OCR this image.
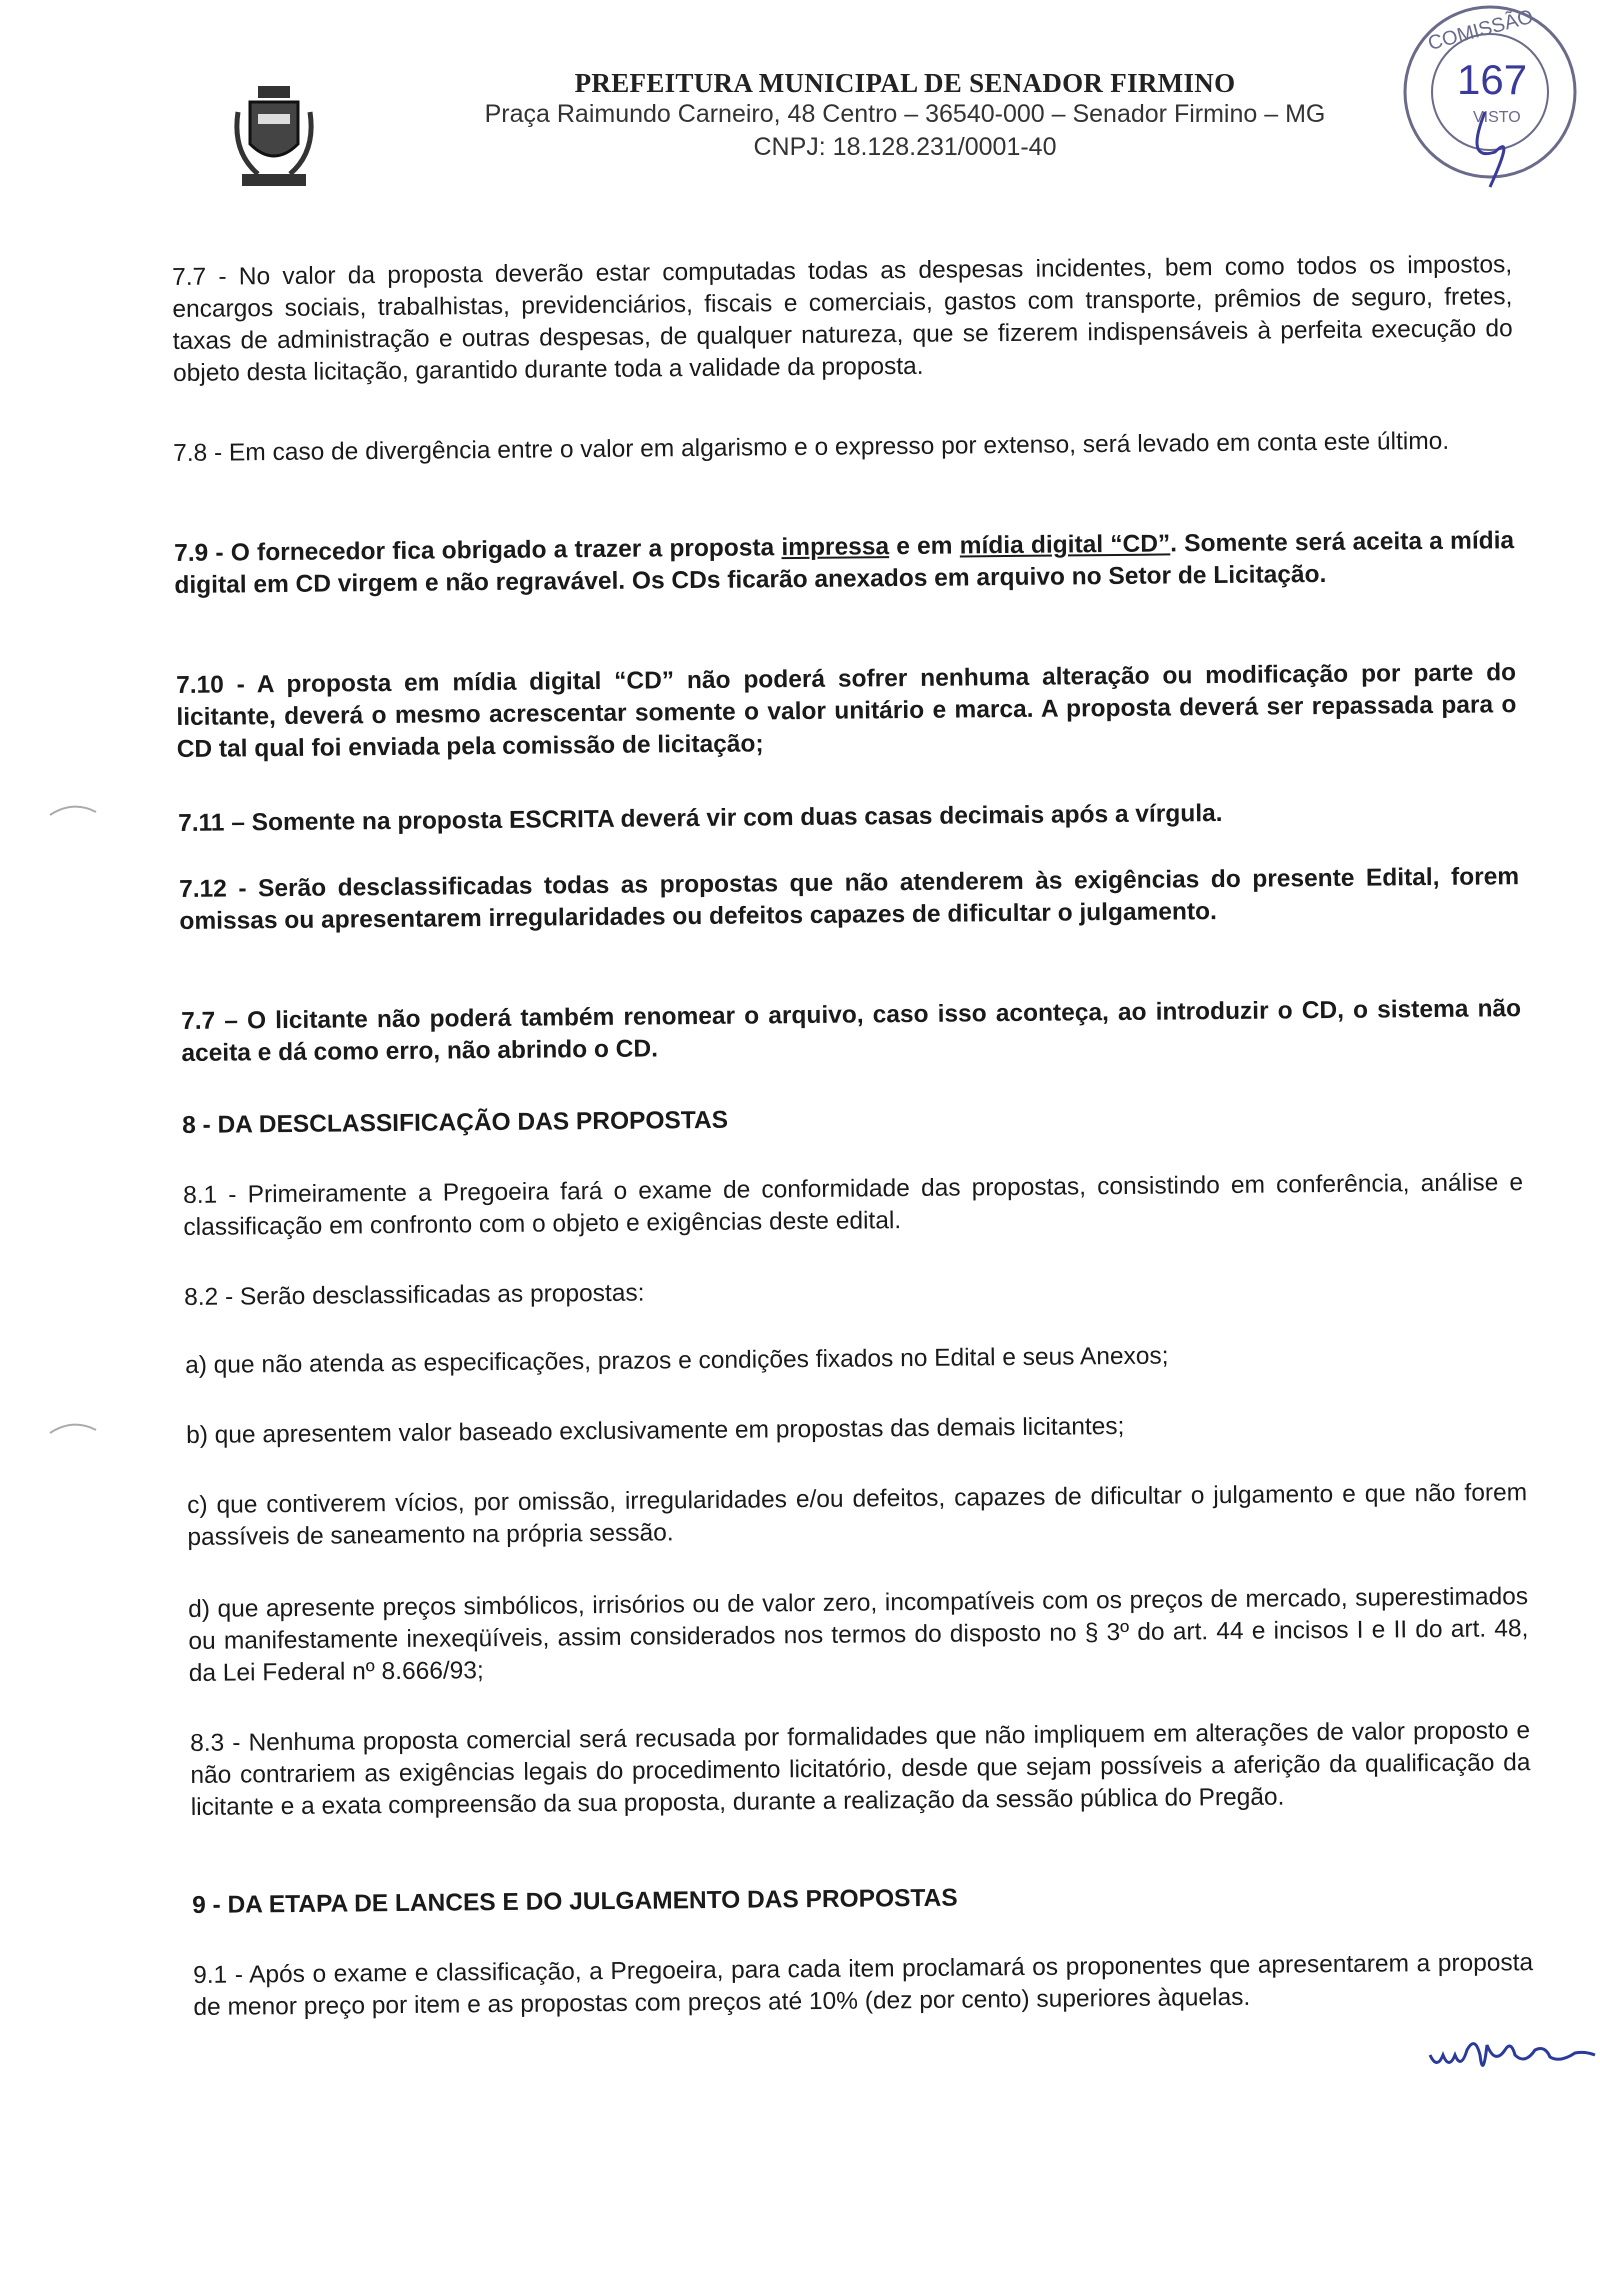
PREFEITURA MUNICIPAL DE SENADOR FIRMINO
Praça Raimundo Carneiro, 48 Centro – 36540-000 – Senador Firmino – MG
CNPJ: 18.128.231/0001-40
COMISSÃO
167
VISTO
7.7 - No valor da proposta deverão estar computadas todas as despesas incidentes, bem como todos os impostos, encargos sociais, trabalhistas, previdenciários, fiscais e comerciais, gastos com transporte, prêmios de seguro, fretes, taxas de administração e outras despesas, de qualquer natureza, que se fizerem indispensáveis à perfeita execução do objeto desta licitação, garantido durante toda a validade da proposta.
7.8 - Em caso de divergência entre o valor em algarismo e o expresso por extenso, será levado em conta este último.
7.9 - O fornecedor fica obrigado a trazer a proposta impressa e em mídia digital “CD”. Somente será aceita a mídia digital em CD virgem e não regravável. Os CDs ficarão anexados em arquivo no Setor de Licitação.
7.10 - A proposta em mídia digital “CD” não poderá sofrer nenhuma alteração ou modificação por parte do licitante, deverá o mesmo acrescentar somente o valor unitário e marca. A proposta deverá ser repassada para o CD tal qual foi enviada pela comissão de licitação;
7.11 – Somente na proposta ESCRITA deverá vir com duas casas decimais após a vírgula.
7.12 - Serão desclassificadas todas as propostas que não atenderem às exigências do presente Edital, forem omissas ou apresentarem irregularidades ou defeitos capazes de dificultar o julgamento.
7.7 – O licitante não poderá também renomear o arquivo, caso isso aconteça, ao introduzir o CD, o sistema não aceita e dá como erro, não abrindo o CD.
8 - DA DESCLASSIFICAÇÃO DAS PROPOSTAS
8.1 - Primeiramente a Pregoeira fará o exame de conformidade das propostas, consistindo em conferência, análise e classificação em confronto com o objeto e exigências deste edital.
8.2 - Serão desclassificadas as propostas:
a) que não atenda as especificações, prazos e condições fixados no Edital e seus Anexos;
b) que apresentem valor baseado exclusivamente em propostas das demais licitantes;
c) que contiverem vícios, por omissão, irregularidades e/ou defeitos, capazes de dificultar o julgamento e que não forem passíveis de saneamento na própria sessão.
d) que apresente preços simbólicos, irrisórios ou de valor zero, incompatíveis com os preços de mercado, superestimados ou manifestamente inexeqüíveis, assim considerados nos termos do disposto no § 3º do art. 44 e incisos I e II do art. 48, da Lei Federal nº 8.666/93;
8.3 - Nenhuma proposta comercial será recusada por formalidades que não impliquem em alterações de valor proposto e não contrariem as exigências legais do procedimento licitatório, desde que sejam possíveis a aferição da qualificação da licitante e a exata compreensão da sua proposta, durante a realização da sessão pública do Pregão.
9 - DA ETAPA DE LANCES E DO JULGAMENTO DAS PROPOSTAS
9.1 - Após o exame e classificação, a Pregoeira, para cada item proclamará os proponentes que apresentarem a proposta de menor preço por item e as propostas com preços até 10% (dez por cento) superiores àquelas.
